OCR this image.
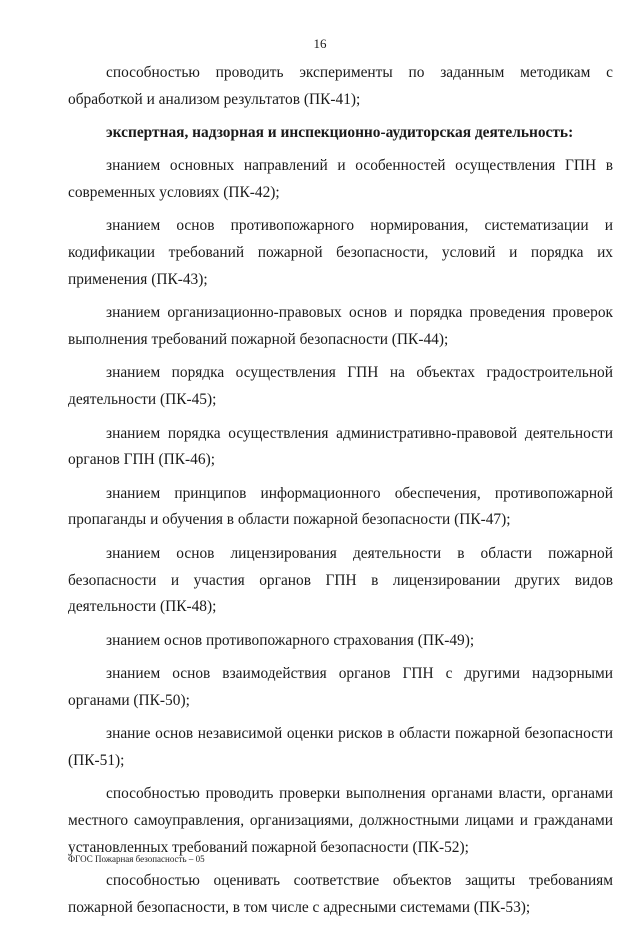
16

способностью проводить эксперименты по заданным методикам с обработкой и анализом результатов (ПК-41);

экспертная, надзорная и инспекционно-аудиторская деятельность:

знанием основных направлений и особенностей осуществления ГПН в современных условиях (ПК-42);

знанием основ противопожарного нормирования, систематизации и кодификации требований пожарной безопасности, условий и порядка их применения (ПК-43);

знанием организационно-правовых основ и порядка проведения проверок выполнения требований пожарной безопасности (ПК-44);

знанием порядка осуществления ГПН на объектах градостроительной деятельности (ПК-45);

знанием порядка осуществления административно-правовой деятельности органов ГПН (ПК-46);

знанием принципов информационного обеспечения, противопожарной пропаганды и обучения в области пожарной безопасности (ПК-47);

знанием основ лицензирования деятельности в области пожарной безопасности и участия органов ГПН в лицензировании других видов деятельности (ПК-48);

знанием основ противопожарного страхования (ПК-49);

знанием основ взаимодействия органов ГПН с другими надзорными органами (ПК-50);

знание основ независимой оценки рисков в области пожарной безопасности (ПК-51);

способностью проводить проверки выполнения органами власти, органами местного самоуправления, организациями, должностными лицами и гражданами установленных требований пожарной безопасности (ПК-52);

способностью оценивать соответствие объектов защиты требованиям пожарной безопасности, в том числе с адресными системами (ПК-53);

ФГОС Пожарная безопасность – 05
